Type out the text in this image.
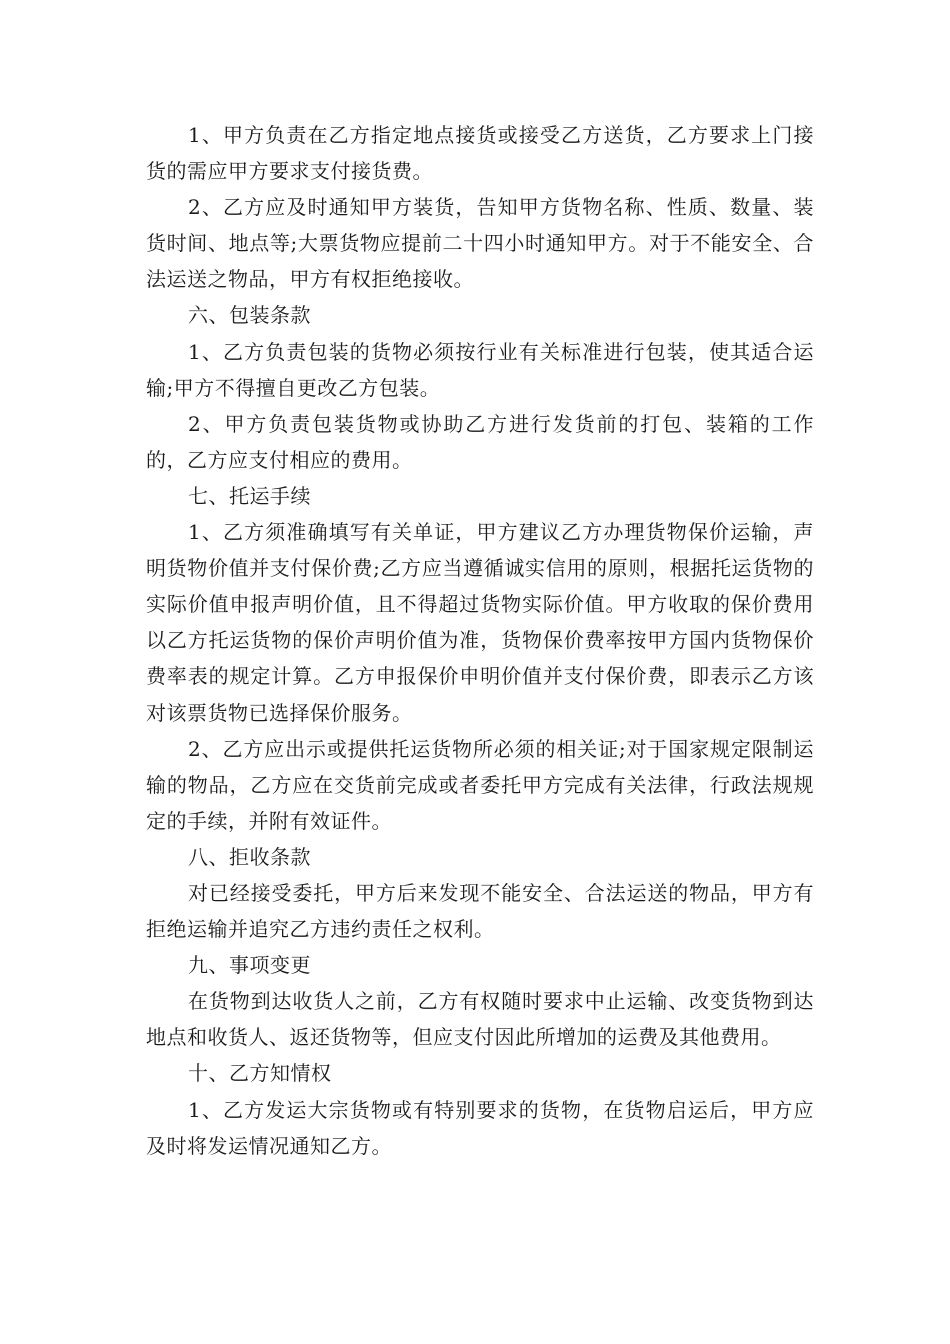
1、甲方负责在乙方指定地点接货或接受乙方送货，乙方要求上门接货的需应甲方要求支付接货费。

2、乙方应及时通知甲方装货，告知甲方货物名称、性质、数量、装货时间、地点等;大票货物应提前二十四小时通知甲方。对于不能安全、合法运送之物品，甲方有权拒绝接收。

六、包装条款

1、乙方负责包装的货物必须按行业有关标准进行包装，使其适合运输;甲方不得擅自更改乙方包装。

2、甲方负责包装货物或协助乙方进行发货前的打包、装箱的工作的，乙方应支付相应的费用。

七、托运手续

1、乙方须准确填写有关单证，甲方建议乙方办理货物保价运输，声明货物价值并支付保价费;乙方应当遵循诚实信用的原则，根据托运货物的实际价值申报声明价值，且不得超过货物实际价值。甲方收取的保价费用以乙方托运货物的保价声明价值为准，货物保价费率按甲方国内货物保价费率表的规定计算。乙方申报保价申明价值并支付保价费，即表示乙方该对该票货物已选择保价服务。

2、乙方应出示或提供托运货物所必须的相关证;对于国家规定限制运输的物品，乙方应在交货前完成或者委托甲方完成有关法律，行政法规规定的手续，并附有效证件。

八、拒收条款

对已经接受委托，甲方后来发现不能安全、合法运送的物品，甲方有拒绝运输并追究乙方违约责任之权利。

九、事项变更

在货物到达收货人之前，乙方有权随时要求中止运输、改变货物到达地点和收货人、返还货物等，但应支付因此所增加的运费及其他费用。

十、乙方知情权

1、乙方发运大宗货物或有特别要求的货物，在货物启运后，甲方应及时将发运情况通知乙方。
